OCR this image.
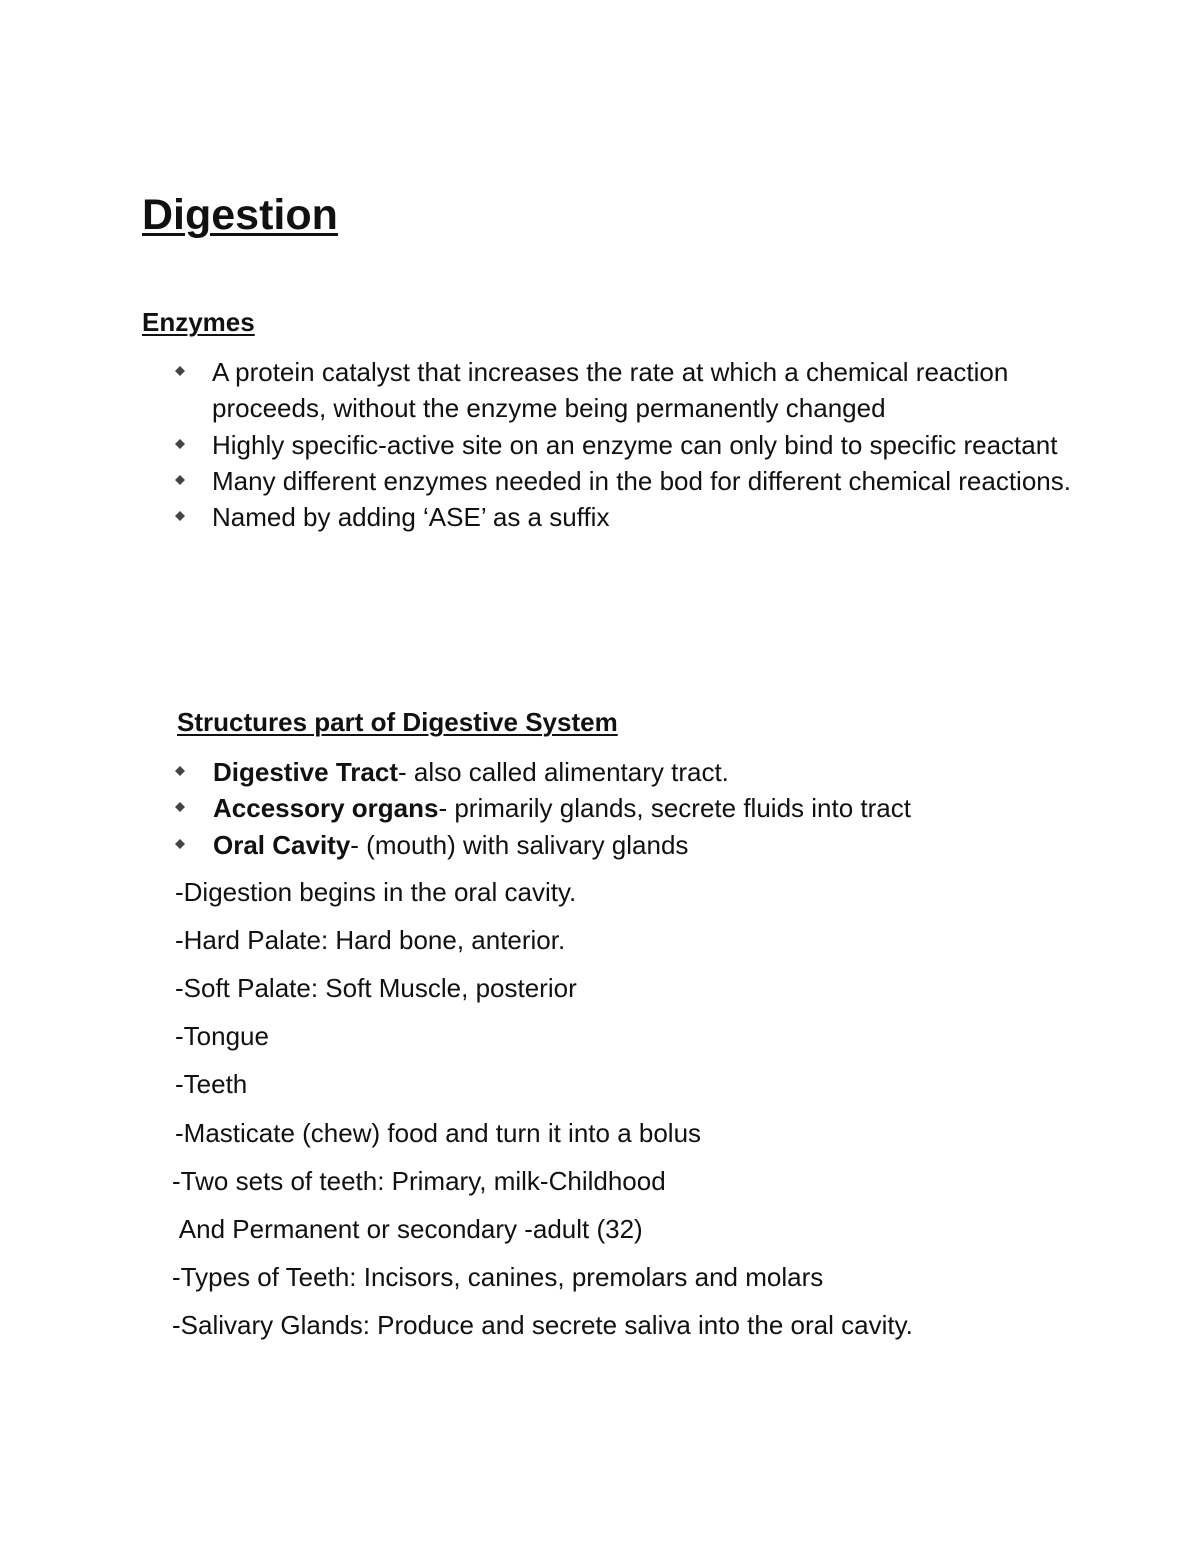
Digestion
Enzymes
A protein catalyst that increases the rate at which a chemical reaction proceeds, without the enzyme being permanently changed
Highly specific-active site on an enzyme can only bind to specific reactant
Many different enzymes needed in the bod for different chemical reactions.
Named by adding ‘ASE’ as a suffix
Structures part of Digestive System
Digestive Tract- also called alimentary tract.
Accessory organs- primarily glands, secrete fluids into tract
Oral Cavity- (mouth) with salivary glands
-Digestion begins in the oral cavity.
-Hard Palate: Hard bone, anterior.
-Soft Palate: Soft Muscle, posterior
-Tongue
-Teeth
-Masticate (chew) food and turn it into a bolus
-Two sets of teeth: Primary, milk-Childhood
And Permanent or secondary -adult (32)
-Types of Teeth: Incisors, canines, premolars and molars
-Salivary Glands: Produce and secrete saliva into the oral cavity.
